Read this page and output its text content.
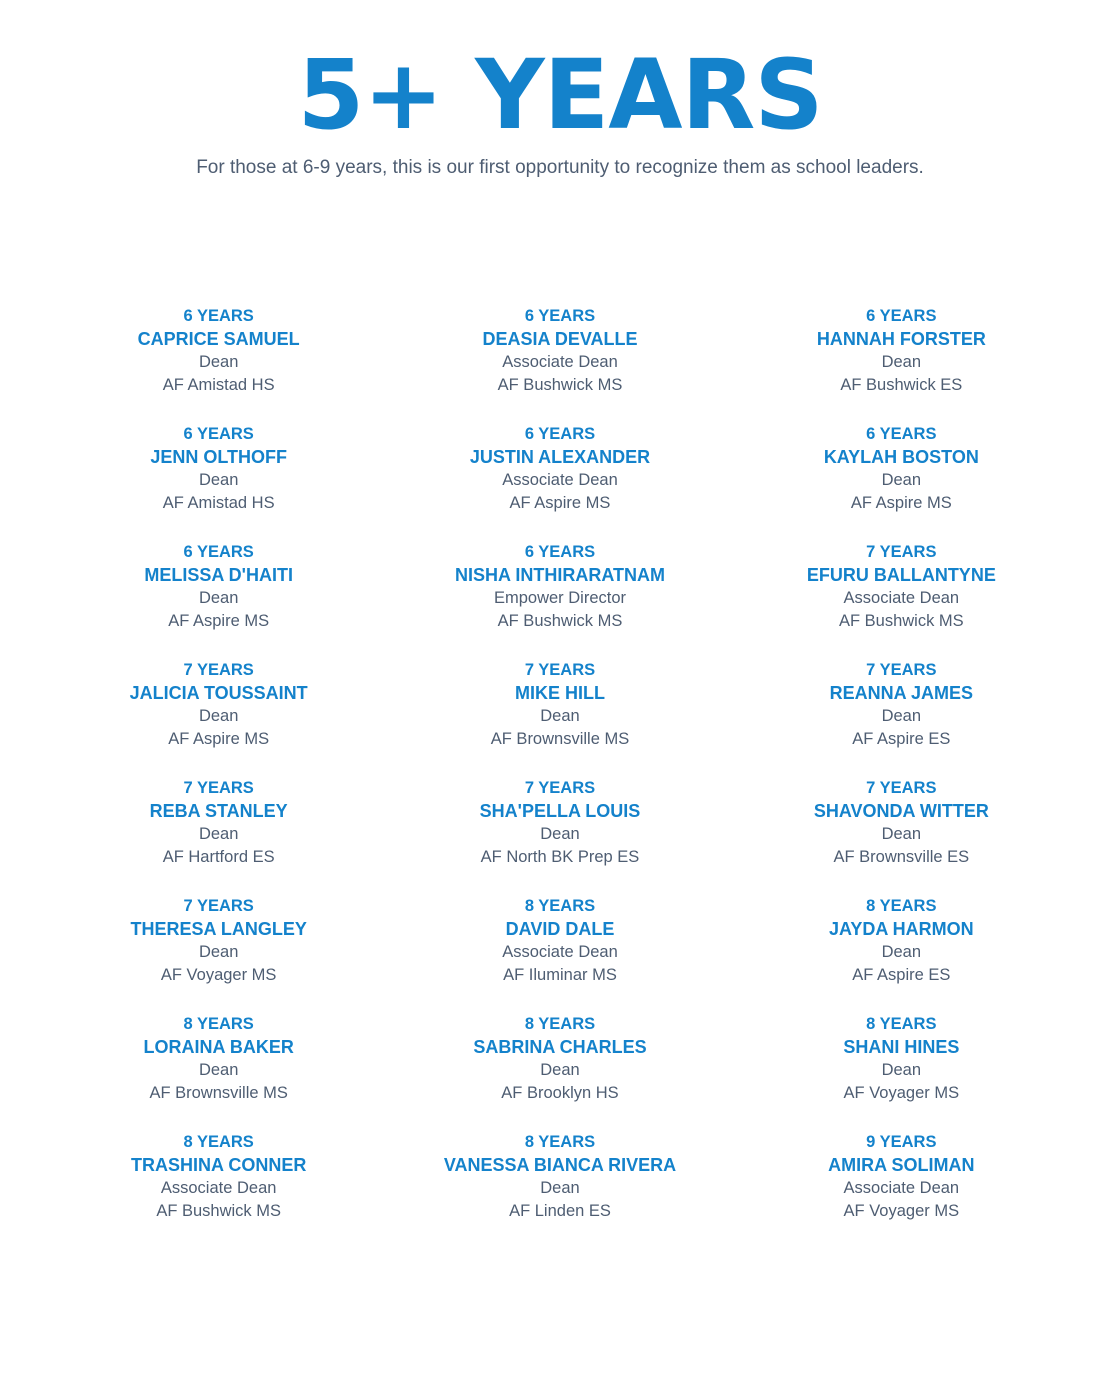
5+ YEARS

For those at 6-9 years, this is our first opportunity to recognize them as school leaders.

6 YEARS
CAPRICE SAMUEL
Dean
AF Amistad HS
6 YEARS
DEASIA DEVALLE
Associate Dean
AF Bushwick MS
6 YEARS
HANNAH FORSTER
Dean
AF Bushwick ES
6 YEARS
JENN OLTHOFF
Dean
AF Amistad HS
6 YEARS
JUSTIN ALEXANDER
Associate Dean
AF Aspire MS
6 YEARS
KAYLAH BOSTON
Dean
AF Aspire MS
6 YEARS
MELISSA D'HAITI
Dean
AF Aspire MS
6 YEARS
NISHA INTHIRARATNAM
Empower Director
AF Bushwick MS
7 YEARS
EFURU BALLANTYNE
Associate Dean
AF Bushwick MS
7 YEARS
JALICIA TOUSSAINT
Dean
AF Aspire MS
7 YEARS
MIKE HILL
Dean
AF Brownsville MS
7 YEARS
REANNA JAMES
Dean
AF Aspire ES
7 YEARS
REBA STANLEY
Dean
AF Hartford ES
7 YEARS
SHA'PELLA LOUIS
Dean
AF North BK Prep ES
7 YEARS
SHAVONDA WITTER
Dean
AF Brownsville ES
7 YEARS
THERESA LANGLEY
Dean
AF Voyager MS
8 YEARS
DAVID DALE
Associate Dean
AF Iluminar MS
8 YEARS
JAYDA HARMON
Dean
AF Aspire ES
8 YEARS
LORAINA BAKER
Dean
AF Brownsville MS
8 YEARS
SABRINA CHARLES
Dean
AF Brooklyn HS
8 YEARS
SHANI HINES
Dean
AF Voyager MS
8 YEARS
TRASHINA CONNER
Associate Dean
AF Bushwick MS
8 YEARS
VANESSA BIANCA RIVERA
Dean
AF Linden ES
9 YEARS
AMIRA SOLIMAN
Associate Dean
AF Voyager MS
